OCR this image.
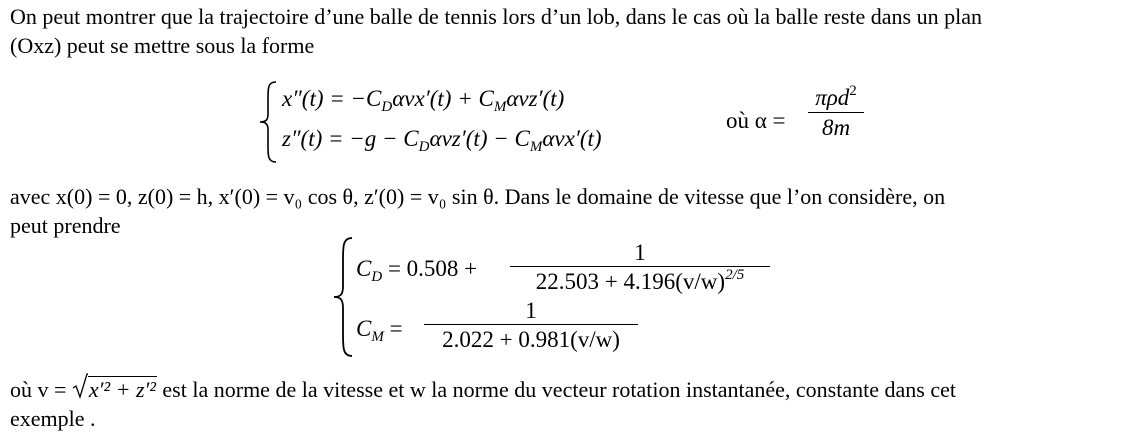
On peut montrer que la trajectoire d’une balle de tennis lors d’un lob, dans le cas où la balle reste dans un plan
(Oxz) peut se mettre sous la forme
$x''(t) = -C_D\alpha vx'(t) + C_M\alpha vz'(t)$
$z''(t) = -g - C_D\alpha vz'(t) - C_M\alpha vx'(t)$
où α =
πρd$^2$
8m
avec x(0) = 0, z(0) = h, x′(0) = v₀ cos θ, z′(0) = v₀ sin θ. Dans le domaine de vitesse que l’on considère, on
peut prendre
$C_D = 0.508$ +
1
$22.503 + 4.196(v/w)^{2/5}$
$C_M$ =
1
2.022 + 0.981(v/w)
où v =
x′² + z′² est la norme de la vitesse et w la norme du vecteur rotation instantanée, constante dans cet
exemple .
